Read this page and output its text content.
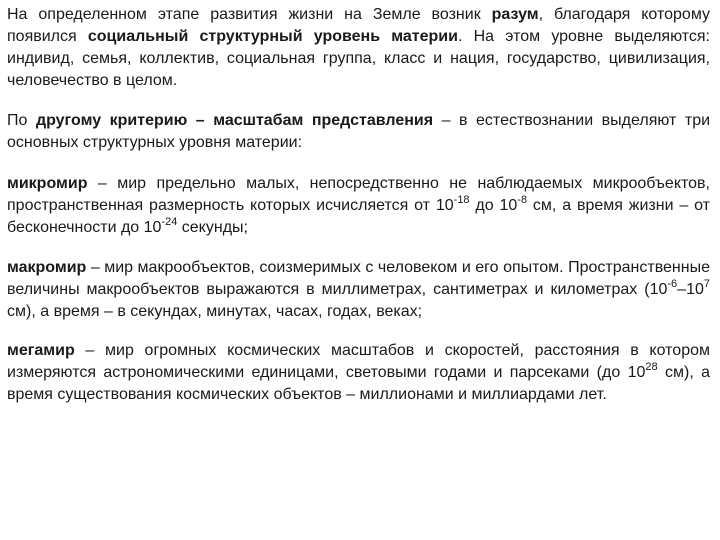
На определенном этапе развития жизни на Земле возник разум, благодаря которому появился социальный структурный уровень материи. На этом уровне выделяются: индивид, семья, коллектив, социальная группа, класс и нация, государство, цивилизация, человечество в целом.

По другому критерию – масштабам представления – в естествознании выделяют три основных структурных уровня материи:

микромир – мир предельно малых, непосредственно не наблюдаемых микрообъектов, пространственная размерность которых исчисляется от $10^{-18}$ до $10^{-8}$ см, а время жизни – от бесконечности до $10^{-24}$ секунды;

макромир – мир макрообъектов, соизмеримых с человеком и его опытом. Пространственные величины макрообъектов выражаются в миллиметрах, сантиметрах и километрах ($10^{-6}-10^7$ см), а время – в секундах, минутах, часах, годах, веках;

мегамир – мир огромных космических масштабов и скоростей, расстояния в котором измеряются астрономическими единицами, световыми годами и парсеками (до $10^{28}$ см), а время существования космических объектов – миллионами и миллиардами лет.
